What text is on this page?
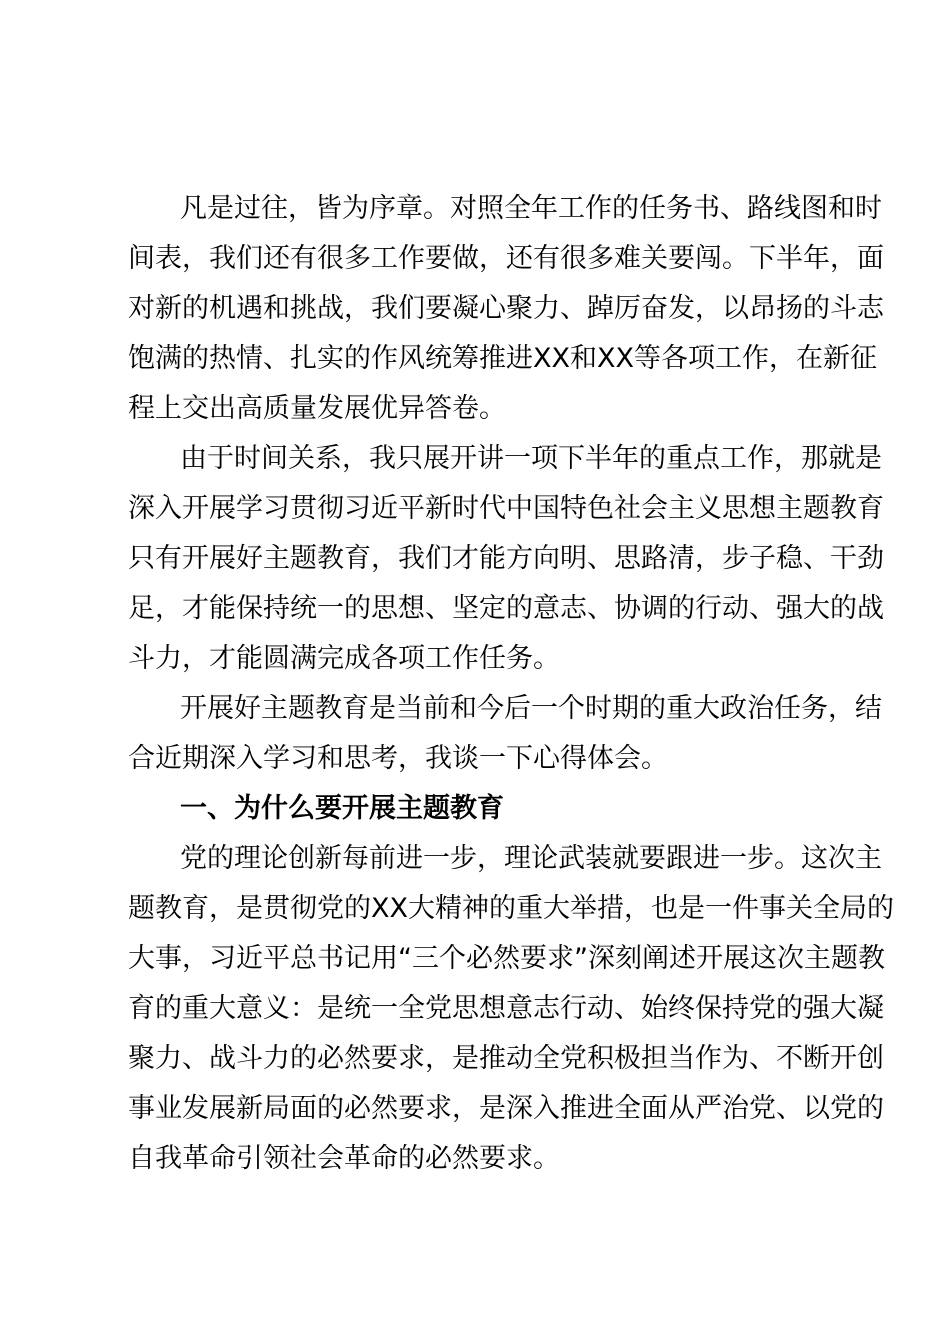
凡是过往，皆为序章。对照全年工作的任务书、路线图和时

间表，我们还有很多工作要做，还有很多难关要闯。下半年，面

对新的机遇和挑战，我们要凝心聚力、踔厉奋发，以昂扬的斗志

饱满的热情、扎实的作风统筹推进XX和XX等各项工作，在新征

程上交出高质量发展优异答卷。

由于时间关系，我只展开讲一项下半年的重点工作，那就是

深入开展学习贯彻习近平新时代中国特色社会主义思想主题教育

只有开展好主题教育，我们才能方向明、思路清，步子稳、干劲

足，才能保持统一的思想、坚定的意志、协调的行动、强大的战

斗力，才能圆满完成各项工作任务。

开展好主题教育是当前和今后一个时期的重大政治任务，结

合近期深入学习和思考，我谈一下心得体会。

一、为什么要开展主题教育

党的理论创新每前进一步，理论武装就要跟进一步。这次主

题教育，是贯彻党的XX大精神的重大举措，也是一件事关全局的

大事，习近平总书记用“三个必然要求”深刻阐述开展这次主题教

育的重大意义：是统一全党思想意志行动、始终保持党的强大凝

聚力、战斗力的必然要求，是推动全党积极担当作为、不断开创

事业发展新局面的必然要求，是深入推进全面从严治党、以党的

自我革命引领社会革命的必然要求。
